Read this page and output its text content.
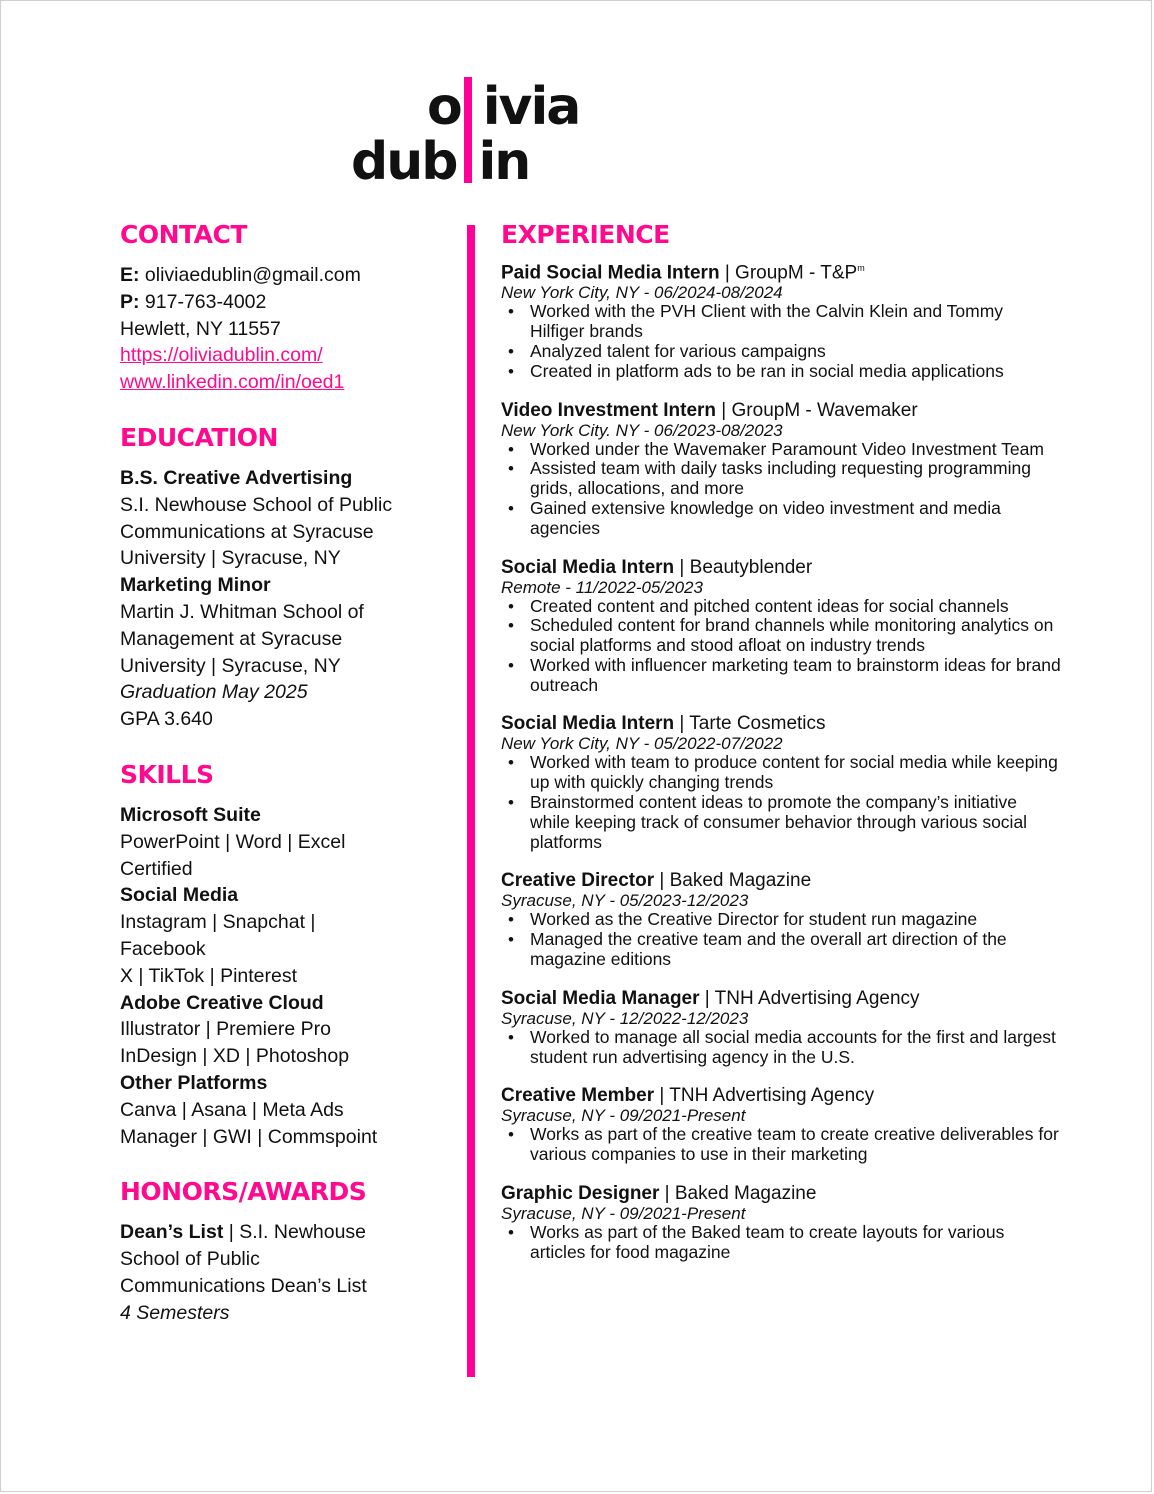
o ivia
dub in
CONTACT
E: oliviaedublin@gmail.com
P: 917-763-4002
Hewlett, NY 11557
https://oliviadublin.com/
www.linkedin.com/in/oed1
EDUCATION
B.S. Creative Advertising
S.I. Newhouse School of Public
Communications at Syracuse
University | Syracuse, NY
Marketing Minor
Martin J. Whitman School of
Management at Syracuse
University | Syracuse, NY
Graduation May 2025
GPA 3.640
SKILLS
Microsoft Suite
PowerPoint | Word | Excel
Certified
Social Media
Instagram | Snapchat |
Facebook
X | TikTok | Pinterest
Adobe Creative Cloud
Illustrator | Premiere Pro
InDesign | XD | Photoshop
Other Platforms
Canva | Asana | Meta Ads
Manager | GWI | Commspoint
HONORS/AWARDS
Dean’s List | S.I. Newhouse
School of Public
Communications Dean’s List
4 Semesters
EXPERIENCE
Paid Social Media Intern | GroupM - $T\&P^m$
New York City, NY - 06/2024-08/2024
• Worked with the PVH Client with the Calvin Klein and Tommy Hilfiger brands
• Analyzed talent for various campaigns
• Created in platform ads to be ran in social media applications
Video Investment Intern | GroupM - Wavemaker
New York City. NY - 06/2023-08/2023
• Worked under the Wavemaker Paramount Video Investment Team
• Assisted team with daily tasks including requesting programming grids, allocations, and more
• Gained extensive knowledge on video investment and media agencies
Social Media Intern | Beautyblender
Remote - 11/2022-05/2023
• Created content and pitched content ideas for social channels
• Scheduled content for brand channels while monitoring analytics on social platforms and stood afloat on industry trends
• Worked with influencer marketing team to brainstorm ideas for brand outreach
Social Media Intern | Tarte Cosmetics
New York City, NY - 05/2022-07/2022
• Worked with team to produce content for social media while keeping up with quickly changing trends
• Brainstormed content ideas to promote the company’s initiative while keeping track of consumer behavior through various social platforms
Creative Director | Baked Magazine
Syracuse, NY - 05/2023-12/2023
• Worked as the Creative Director for student run magazine
• Managed the creative team and the overall art direction of the magazine editions
Social Media Manager | TNH Advertising Agency
Syracuse, NY - 12/2022-12/2023
• Worked to manage all social media accounts for the first and largest student run advertising agency in the U.S.
Creative Member | TNH Advertising Agency
Syracuse, NY - 09/2021-Present
• Works as part of the creative team to create creative deliverables for various companies to use in their marketing
Graphic Designer | Baked Magazine
Syracuse, NY - 09/2021-Present
• Works as part of the Baked team to create layouts for various articles for food magazine
